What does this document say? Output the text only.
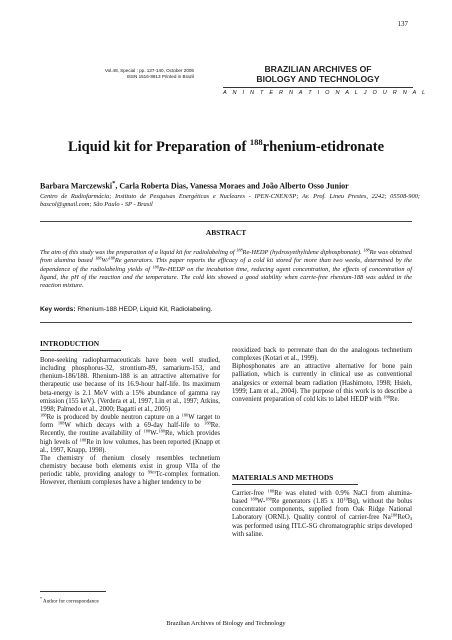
137
Vol.48, Special : pp. 137-140, October 2005
ISSN 1516-8913 Printed in Brazil
BRAZILIAN ARCHIVES OF
BIOLOGY AND TECHNOLOGY
A N I N T E R N A T I O N A L J O U R N A L
Liquid kit for Preparation of $^{188}$rhenium-etidronate
Barbara Marczewski*, Carla Roberta Dias, Vanessa Moraes and João Alberto Osso Junior
Centro de Radiofarmácia; Instituto de Pesquisas Energéticas e Nucleares - IPEN-CNEN/SP; Av. Prof. Lineu Prestes, 2242; 05508-900; bascol@gmail.com; São Paulo - SP - Brasil
ABSTRACT
The aim of this study was the preparation of a liquid kit for radiolabeling of $^{188}$Re-HEDP (hydroxyethylidene diphosphonate). $^{188}$Re was obtained from alumina based $^{188}$W/$^{188}$Re generators. This paper reports the efficacy of a cold kit stored for more than two weeks, determined by the dependence of the radiolabeling yields of $^{188}$Re-HEDP on the incubation time, reducing agent concentration, the effects of concentration of ligand, the pH of the reaction and the temperature. The cold kits showed a good stability when carrie-free rhenium-188 was added in the reaction mixture.
Key words: Rhenium-188 HEDP, Liquid Kit, Radiolabeling.
INTRODUCTION

Bone-seeking radiopharmaceuticals have been well studied, including phosphorus-32, strontium-89, samarium-153, and rhenium-186/188. Rhenium-188 is an attractive alternative for therapeutic use because of its 16.9-hour half-life. Its maximum beta-energy is 2.1 MeV with a 15% abundance of gamma ray emission (155 keV). (Verdera et al, 1997, Lin et al., 1997; Atkins, 1998; Palmedo et al., 2000; Bagatti et al., 2005)

$^{188}$Re is produced by double neutron capture on a $^{186}$W target to form $^{188}$W which decays with a 69-day half-life to $^{188}$Re. Recently, the routine availability of $^{188}$W-$^{188}$Re, which provides high levels of $^{188}$Re in low volumes, has been reported (Knapp et al., 1997, Knapp, 1998).

The chemistry of rhenium closely resembles technetium chemistry because both elements exist in group VIIa of the periodic table, providing analogy to $^{99m}$Tc-complex formation. However, rhenium complexes have a higher tendency to be

reoxidized back to perrenate than do the analogous technetium complexes (Kotari et al., 1999).

Biphosphonates are an attractive alternative for bone pain palliation, which is currently in clinical use as conventional analgesics or external beam radiation (Hashimoto, 1998; Hsieh, 1999; Lam et al., 2004). The purpose of this work is to describe a convenient preparation of cold kits to label HEDP with $^{188}$Re.

MATERIALS AND METHODS

Carrier-free $^{188}$Re was eluted with 0.9% NaCl from alumina-based $^{188}$W-$^{188}$Re generators (1.85 x $10^{10}Bq$), without the bolus concentrator components, supplied from Oak Ridge National Laboratory (ORNL). Quality control of carrier-free $Na^{188}ReO_4$ was performed using ITLC-SG chromatographic strips developed with saline.

* Author for correspondance
Brazilian Archives of Biology and Technology
